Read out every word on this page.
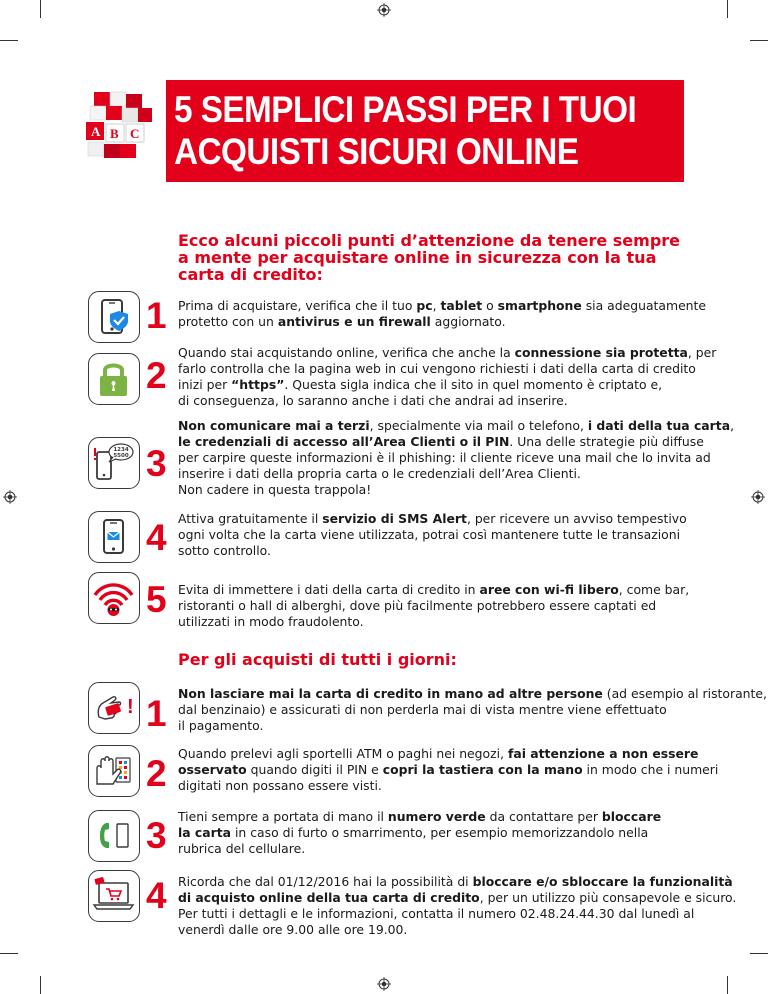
A B C
5 SEMPLICI PASSI PER I TUOI
ACQUISTI SICURI ONLINE
Ecco alcuni piccoli punti d’attenzione da tenere sempre
a mente per acquistare online in sicurezza con la tua
carta di credito:
1 Prima di acquistare, verifica che il tuo pc, tablet o smartphone sia adeguatamente
protetto con un antivirus e un firewall aggiornato.
2
Quando stai acquistando online, verifica che anche la connessione sia protetta, per
farlo controlla che la pagina web in cui vengono richiesti i dati della carta di credito
inizi per “https”. Questa sigla indica che il sito in quel momento è criptato e,
di conseguenza, lo saranno anche i dati che andrai ad inserire.
1234
5500 3
Non comunicare mai a terzi, specialmente via mail o telefono, i dati della tua carta,
le credenziali di accesso all’Area Clienti o il PIN. Una delle strategie più diffuse
per carpire queste informazioni è il phishing: il cliente riceve una mail che lo invita ad
inserire i dati della propria carta o le credenziali dell’Area Clienti.
Non cadere in questa trappola!
4 Attiva gratuitamente il servizio di SMS Alert, per ricevere un avviso tempestivo
ogni volta che la carta viene utilizzata, potrai così mantenere tutte le transazioni
sotto controllo.
5 Evita di immettere i dati della carta di credito in aree con wi-fi libero, come bar,
ristoranti o hall di alberghi, dove più facilmente potrebbero essere captati ed
utilizzati in modo fraudolento.
Per gli acquisti di tutti i giorni:
! 1 Non lasciare mai la carta di credito in mano ad altre persone (ad esempio al ristorante,
dal benzinaio) e assicurati di non perderla mai di vista mentre viene effettuato
il pagamento.
2 Quando prelevi agli sportelli ATM o paghi nei negozi, fai attenzione a non essere
osservato quando digiti il PIN e copri la tastiera con la mano in modo che i numeri
digitati non possano essere visti.
3 Tieni sempre a portata di mano il numero verde da contattare per bloccare
la carta in caso di furto o smarrimento, per esempio memorizzandolo nella
rubrica del cellulare.
4 Ricorda che dal 01/12/2016 hai la possibilità di bloccare e/o sbloccare la funzionalità
di acquisto online della tua carta di credito, per un utilizzo più consapevole e sicuro.
Per tutti i dettagli e le informazioni, contatta il numero 02.48.24.44.30 dal lunedì al
venerdì dalle ore 9.00 alle ore 19.00.
